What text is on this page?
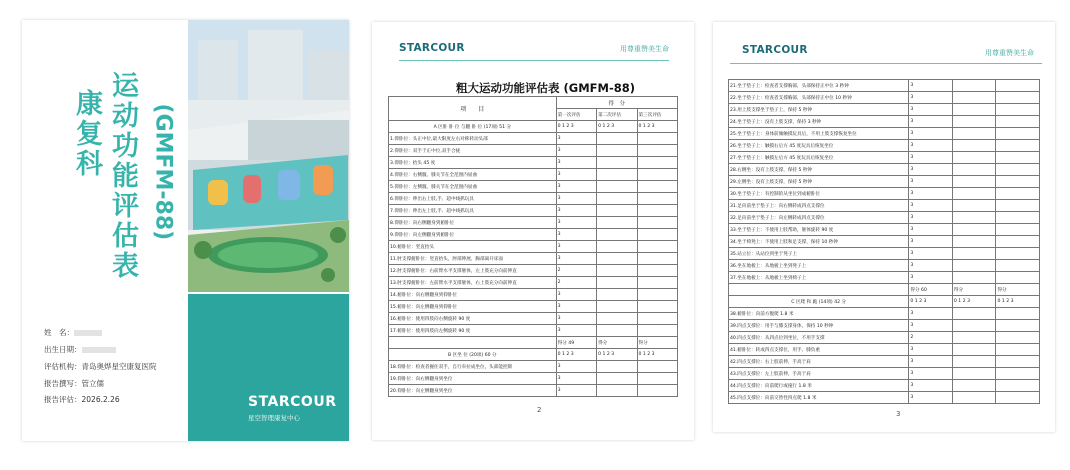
康
复
科
运
动
功
能
评
估
表
(GMFM-88)
姓　名：
出生日期：
评估机构：青岛奥烨星空康复医院
报告撰写：管立儒
报告评估：2026.2.26	STARCOUR
星空智理康复中心
STARCOUR	用尊重赞美生命
粗大运动功能评估表 (GMFM-88)
项　　目	得　分		
	第一次评估	第二次评估	第三次评估
A 区卧 卧 位 与翻 卧 位 (17项) 51 分	0 1 2 3	0 1 2 3	0 1 2 3
1.仰卧位：头正中位,最大限度左右对称转动头部	3		
2.仰卧位：双手于正中位,双手合拢	3		
3.仰卧位：抬头 45 度	3		
4.仰卧位：右侧髋、膝关节在全范围内屈曲	3		
5.仰卧位：左侧髋、膝关节在全范围内屈曲	3		
6.仰卧位：伸出右上肢,手、超中线抓玩具	3		
7.仰卧位：伸出左上肢,手、超中线抓玩具	3		
8.仰卧位：向右侧翻身到俯卧位	3		
9.仰卧位：向左侧翻身到俯卧位	3		
10.俯卧位：竖直抬头	3		
11.肘支撑俯卧位：竖直抬头，肘部伸展，胸部离开床面	3		
12.肘支撑俯卧位：右前臂水平支撑躯体，左上肢充分向前伸直	2		
13.肘支撑俯卧位：左前臂水平支撑躯体，右上肢充分向前伸直	2		
14.俯卧位：向右侧翻身到仰卧位	3		
15.俯卧位：向左侧翻身到仰卧位	3		
16.俯卧位：使用四肢向右侧旋转 90 度	3		
17.俯卧位：使用四肢向左侧旋转 90 度	3		
	得分 49	得分	得分
B 区坐 位 (20项) 60 分	0 1 2 3	0 1 2 3	0 1 2 3
18.仰卧位：检查者握住双手，自行牵拉成坐位，头部能控制	3		
19.仰卧位：向右侧翻身到坐位	3		
20.仰卧位：向左侧翻身到坐位	3		
2
STARCOUR	用尊重赞美生命
21.坐于垫子上：检查者支撑胸部，头部保持正中位 3 秒钟	3		
22.坐于垫子上：检查者支撑胸部，头部保持正中位 10 秒钟	3		
23.用上肢支撑坐于垫子上，保持 5 秒钟	3		
24.坐于垫子上：没有上肢支撑，保持 3 秒钟	3		
25.坐于垫子上：身体前倾触摸玩具后，不用上肢支撑恢复坐位	3		
26.坐于垫子上：触摸右后方 45 度玩具后恢复坐位	3		
27.坐于垫子上：触摸左后方 45 度玩具后恢复坐位	3		
28.右侧坐：没有上肢支撑，保持 5 秒钟	3		
29.左侧坐：没有上肢支撑，保持 5 秒钟	3		
30.坐于垫子上：有控制的从坐位到成俯卧位	3		
31.足向前坐于垫子上：向右侧转成四点支撑位	3		
32.足向前坐于垫子上：向左侧转成四点支撑位	3		
33.坐于垫子上：不使用上肢帮助，躯体旋转 90 度	3		
34.坐于椅凳上：不使用上肢和足支撑，保持 10 秒钟	3		
35.站立位：从站位到坐于凳子上	3		
36.坐在地板上：从地板上坐到凳子上	3		
37.坐在地板上：从地板上坐到椅子上	3		
	得分 60	得分	得分
C 区爬 和 跪 (14项) 42 分	0 1 2 3	0 1 2 3	0 1 2 3
38.俯卧位：向前方腹爬 1.8 米	3		
39.四点支撑位：用手与膝支撑身体，保持 10 秒钟	3		
40.四点支撑位：从四点位到坐位，不用手支撑	2		
41.俯卧位：转成四点支撑位，用手、膝负重	3		
42.四点支撑位：右上肢前伸，手高于肩	3		
43.四点支撑位：左上肢前伸，手高于肩	3		
44.四点支撑位：向前爬行或拖行 1.8 米	3		
45.四点支撑位：向前交替性四点爬 1.8 米	3		
3
